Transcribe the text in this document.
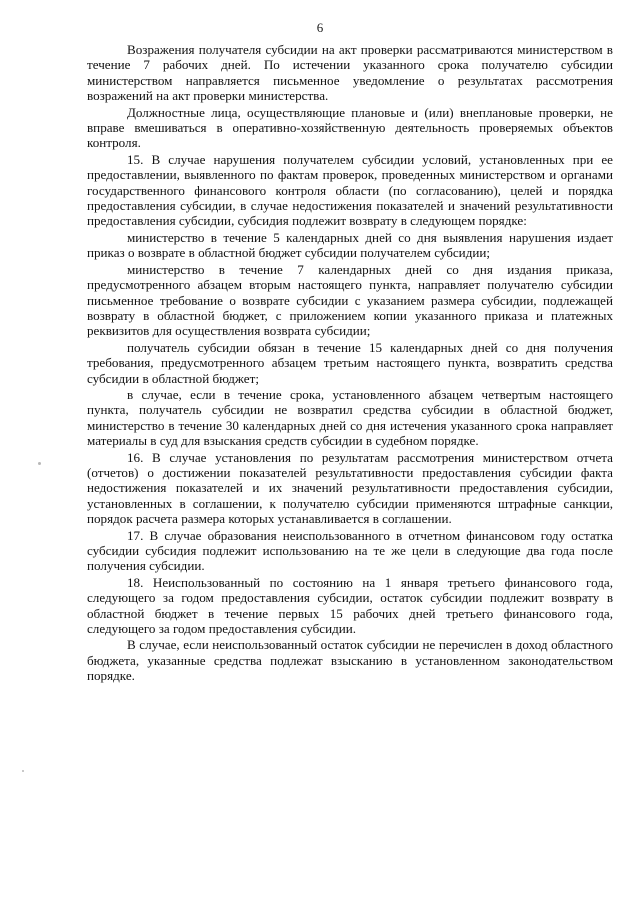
6

Возражения получателя субсидии на акт проверки рассматриваются министерством в течение 7 рабочих дней. По истечении указанного срока получателю субсидии министерством направляется письменное уведомление о результатах рассмотрения возражений на акт проверки министерства.

Должностные лица, осуществляющие плановые и (или) внеплановые проверки, не вправе вмешиваться в оперативно-хозяйственную деятельность проверяемых объектов контроля.

15. В случае нарушения получателем субсидии условий, установленных при ее предоставлении, выявленного по фактам проверок, проведенных министерством и органами государственного финансового контроля области (по согласованию), целей и порядка предоставления субсидии, в случае недостижения показателей и значений результативности предоставления субсидии, субсидия подлежит возврату в следующем порядке:

министерство в течение 5 календарных дней со дня выявления нарушения издает приказ о возврате в областной бюджет субсидии получателем субсидии;

министерство в течение 7 календарных дней со дня издания приказа, предусмотренного абзацем вторым настоящего пункта, направляет получателю субсидии письменное требование о возврате субсидии с указанием размера субсидии, подлежащей возврату в областной бюджет, с приложением копии указанного приказа и платежных реквизитов для осуществления возврата субсидии;

получатель субсидии обязан в течение 15 календарных дней со дня получения требования, предусмотренного абзацем третьим настоящего пункта, возвратить средства субсидии в областной бюджет;

в случае, если в течение срока, установленного абзацем четвертым настоящего пункта, получатель субсидии не возвратил средства субсидии в областной бюджет, министерство в течение 30 календарных дней со дня истечения указанного срока направляет материалы в суд для взыскания средств субсидии в судебном порядке.

16. В случае установления по результатам рассмотрения министерством отчета (отчетов) о достижении показателей результативности предоставления субсидии факта недостижения показателей и их значений результативности предоставления субсидии, установленных в соглашении, к получателю субсидии применяются штрафные санкции, порядок расчета размера которых устанавливается в соглашении.

17. В случае образования неиспользованного в отчетном финансовом году остатка субсидии субсидия подлежит использованию на те же цели в следующие два года после получения субсидии.

18. Неиспользованный по состоянию на 1 января третьего финансового года, следующего за годом предоставления субсидии, остаток субсидии подлежит возврату в областной бюджет в течение первых 15 рабочих дней третьего финансового года, следующего за годом предоставления субсидии.

В случае, если неиспользованный остаток субсидии не перечислен в доход областного бюджета, указанные средства подлежат взысканию в установленном законодательством порядке.
